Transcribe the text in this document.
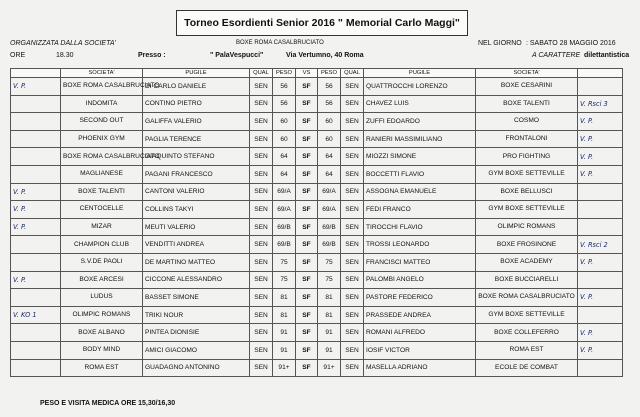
Torneo Esordienti Senior 2016 " Memorial Carlo Maggi"
ORGANIZZATA DALLA SOCIETA'	BOXE ROMA CASALBRUCIATO	NEL GIORNO : SABATO 28 MAGGIO 2016
ORE	18.30	Presso :	" PalaVespucci"	Via Vertumno, 40 Roma	A CARATTERE dilettantistica
	SOCIETA'	PUGILE	QUAL	PESO	VS	PESO	QUAL	PUGILE	SOCIETA'	
V. P.	BOXE ROMA CASALBRUCIATO	DI CARLO DANIELE	SEN	56	SF	56	SEN	QUATTROCCHI LORENZO	BOXE CESARINI	
	INDOMITA	CONTINO PIETRO	SEN	56	SF	56	SEN	CHAVEZ LUIS	BOXE TALENTI	V. Rsci 3
	SECOND OUT	GALIFFA VALERIO	SEN	60	SF	60	SEN	ZUFFI EDOARDO	COSMO	V. P.
	PHOENIX GYM	PAGLIA TERENCE	SEN	60	SF	60	SEN	RANIERI MASSIMILIANO	FRONTALONI	V. P.
	BOXE ROMA CASALBRUCIATO	GIAQUINTO STEFANO	SEN	64	SF	64	SEN	MIOZZI SIMONE	PRO FIGHTING	V. P.
	MAGLIANESE	PAGANI FRANCESCO	SEN	64	SF	64	SEN	BOCCETTI FLAVIO	GYM BOXE SETTEVILLE	V. P.
V. P.	BOXE TALENTI	CANTONI VALERIO	SEN	69/A	SF	69/A	SEN	ASSOGNA EMANUELE	BOXE BELLUSCI	
V. P.	CENTOCELLE	COLLINS TAKYI	SEN	69/A	SF	69/A	SEN	FEDI FRANCO	GYM BOXE SETTEVILLE	
V. P.	MIZAR	MEUTI VALERIO	SEN	69/B	SF	69/B	SEN	TIROCCHI FLAVIO	OLIMPIC ROMANS	
	CHAMPION CLUB	VENDITTI ANDREA	SEN	69/B	SF	69/B	SEN	TROSSI LEONARDO	BOXE FROSINONE	V. Rsci 2
	S.V.DE PAOLI	DE MARTINO MATTEO	SEN	75	SF	75	SEN	FRANCISCI MATTEO	BOXE ACADEMY	V. P.
V. P.	BOXE ARCESI	CICCONE ALESSANDRO	SEN	75	SF	75	SEN	PALOMBI ANGELO	BOXE BUCCIARELLI	
	LUDUS	BASSET SIMONE	SEN	81	SF	81	SEN	PASTORE FEDERICO	BOXE ROMA CASALBRUCIATO	V. P.
V. KO 1	OLIMPIC ROMANS	TRIKI NOUR	SEN	81	SF	81	SEN	PRASSEDE ANDREA	GYM BOXE SETTEVILLE	
	BOXE ALBANO	PINTEA DIONISIE	SEN	91	SF	91	SEN	ROMANI ALFREDO	BOXE COLLEFERRO	V. P.
	BODY MIND	AMICI GIACOMO	SEN	91	SF	91	SEN	IOSIF VICTOR	ROMA EST	V. P.
	ROMA EST	GUADAGNO ANTONINO	SEN	91+	SF	91+	SEN	MASELLA ADRIANO	ECOLE DE COMBAT	
PESO E VISITA MEDICA ORE 15,30/16,30
